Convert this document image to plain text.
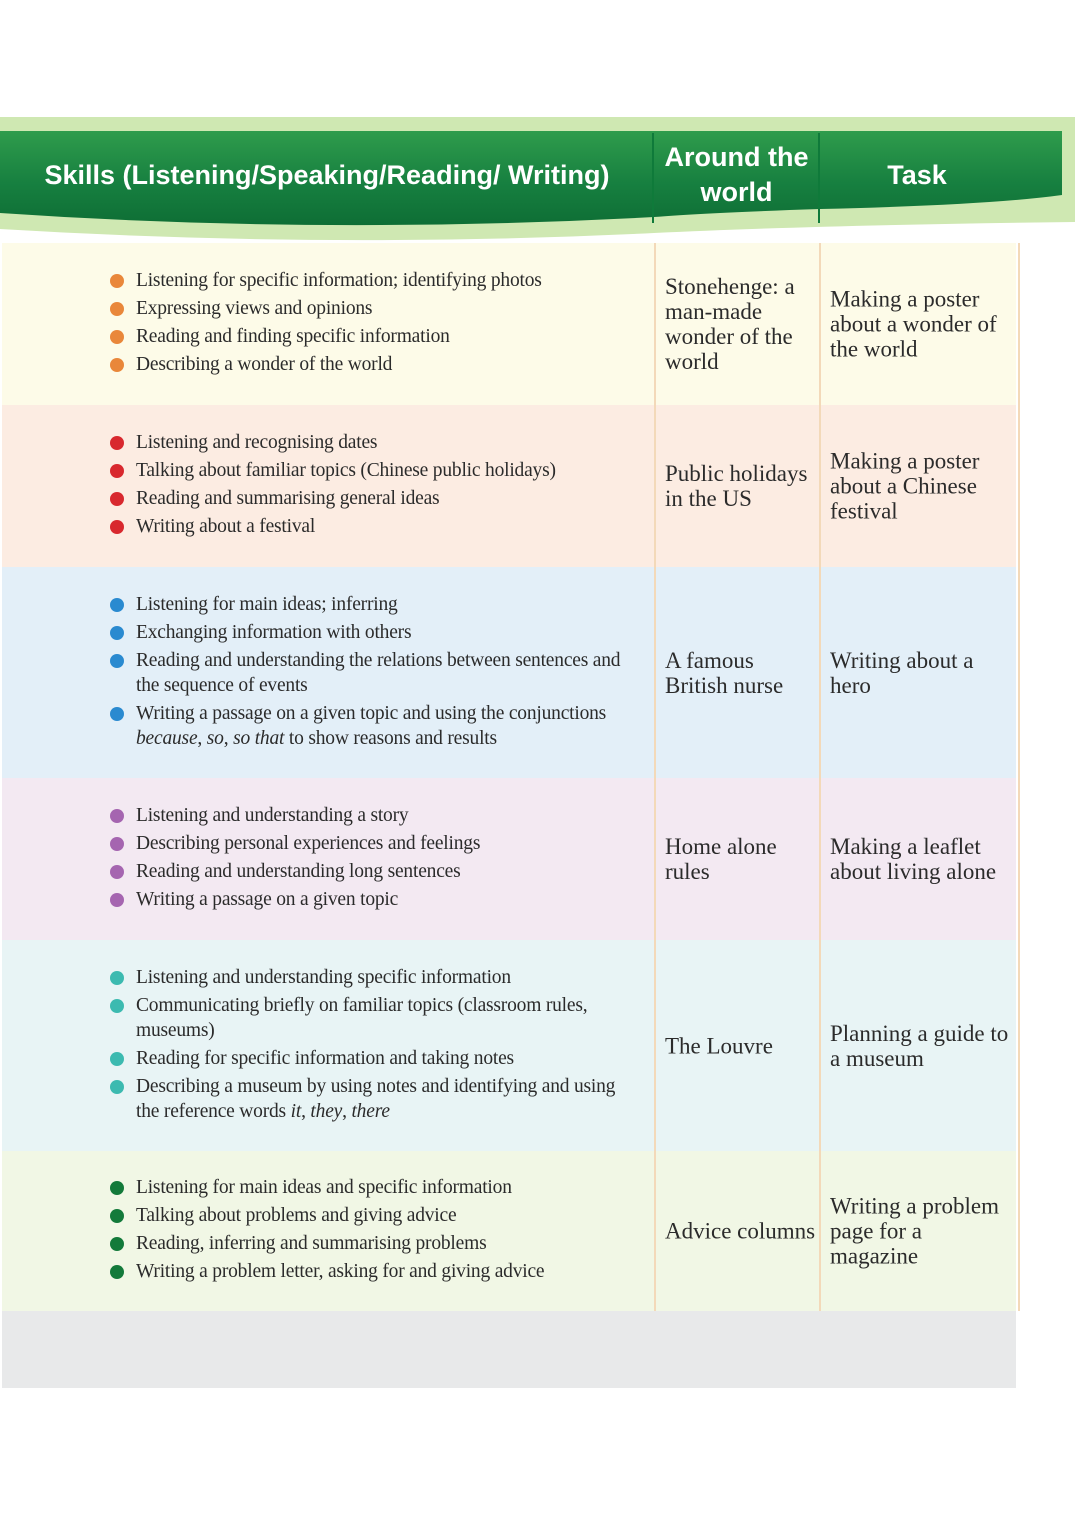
Skills (Listening/Speaking/Reading/ Writing)
Around the world
Task
Listening for specific information; identifying photos
Expressing views and opinions
Reading and finding specific information
Describing a wonder of the world
Stonehenge: a man-made wonder of the world
Making a poster about a wonder of the world
Listening and recognising dates
Talking about familiar topics (Chinese public holidays)
Reading and summarising general ideas
Writing about a festival
Public holidays in the US
Making a poster about a Chinese festival
Listening for main ideas; inferring
Exchanging information with others
Reading and understanding the relations between sentences and the sequence of events
Writing a passage on a given topic and using the conjunctions because, so, so that to show reasons and results
A famous British nurse
Writing about a hero
Listening and understanding a story
Describing personal experiences and feelings
Reading and understanding long sentences
Writing a passage on a given topic
Home alone rules
Making a leaflet about living alone
Listening and understanding specific information
Communicating briefly on familiar topics (classroom rules, museums)
Reading for specific information and taking notes
Describing a museum by using notes and identifying and using the reference words it, they, there
The Louvre	Planning a guide to a museum
Listening for main ideas and specific information
Talking about problems and giving advice
Reading, inferring and summarising problems
Writing a problem letter, asking for and giving advice
Advice columns
Writing a problem page for a magazine
